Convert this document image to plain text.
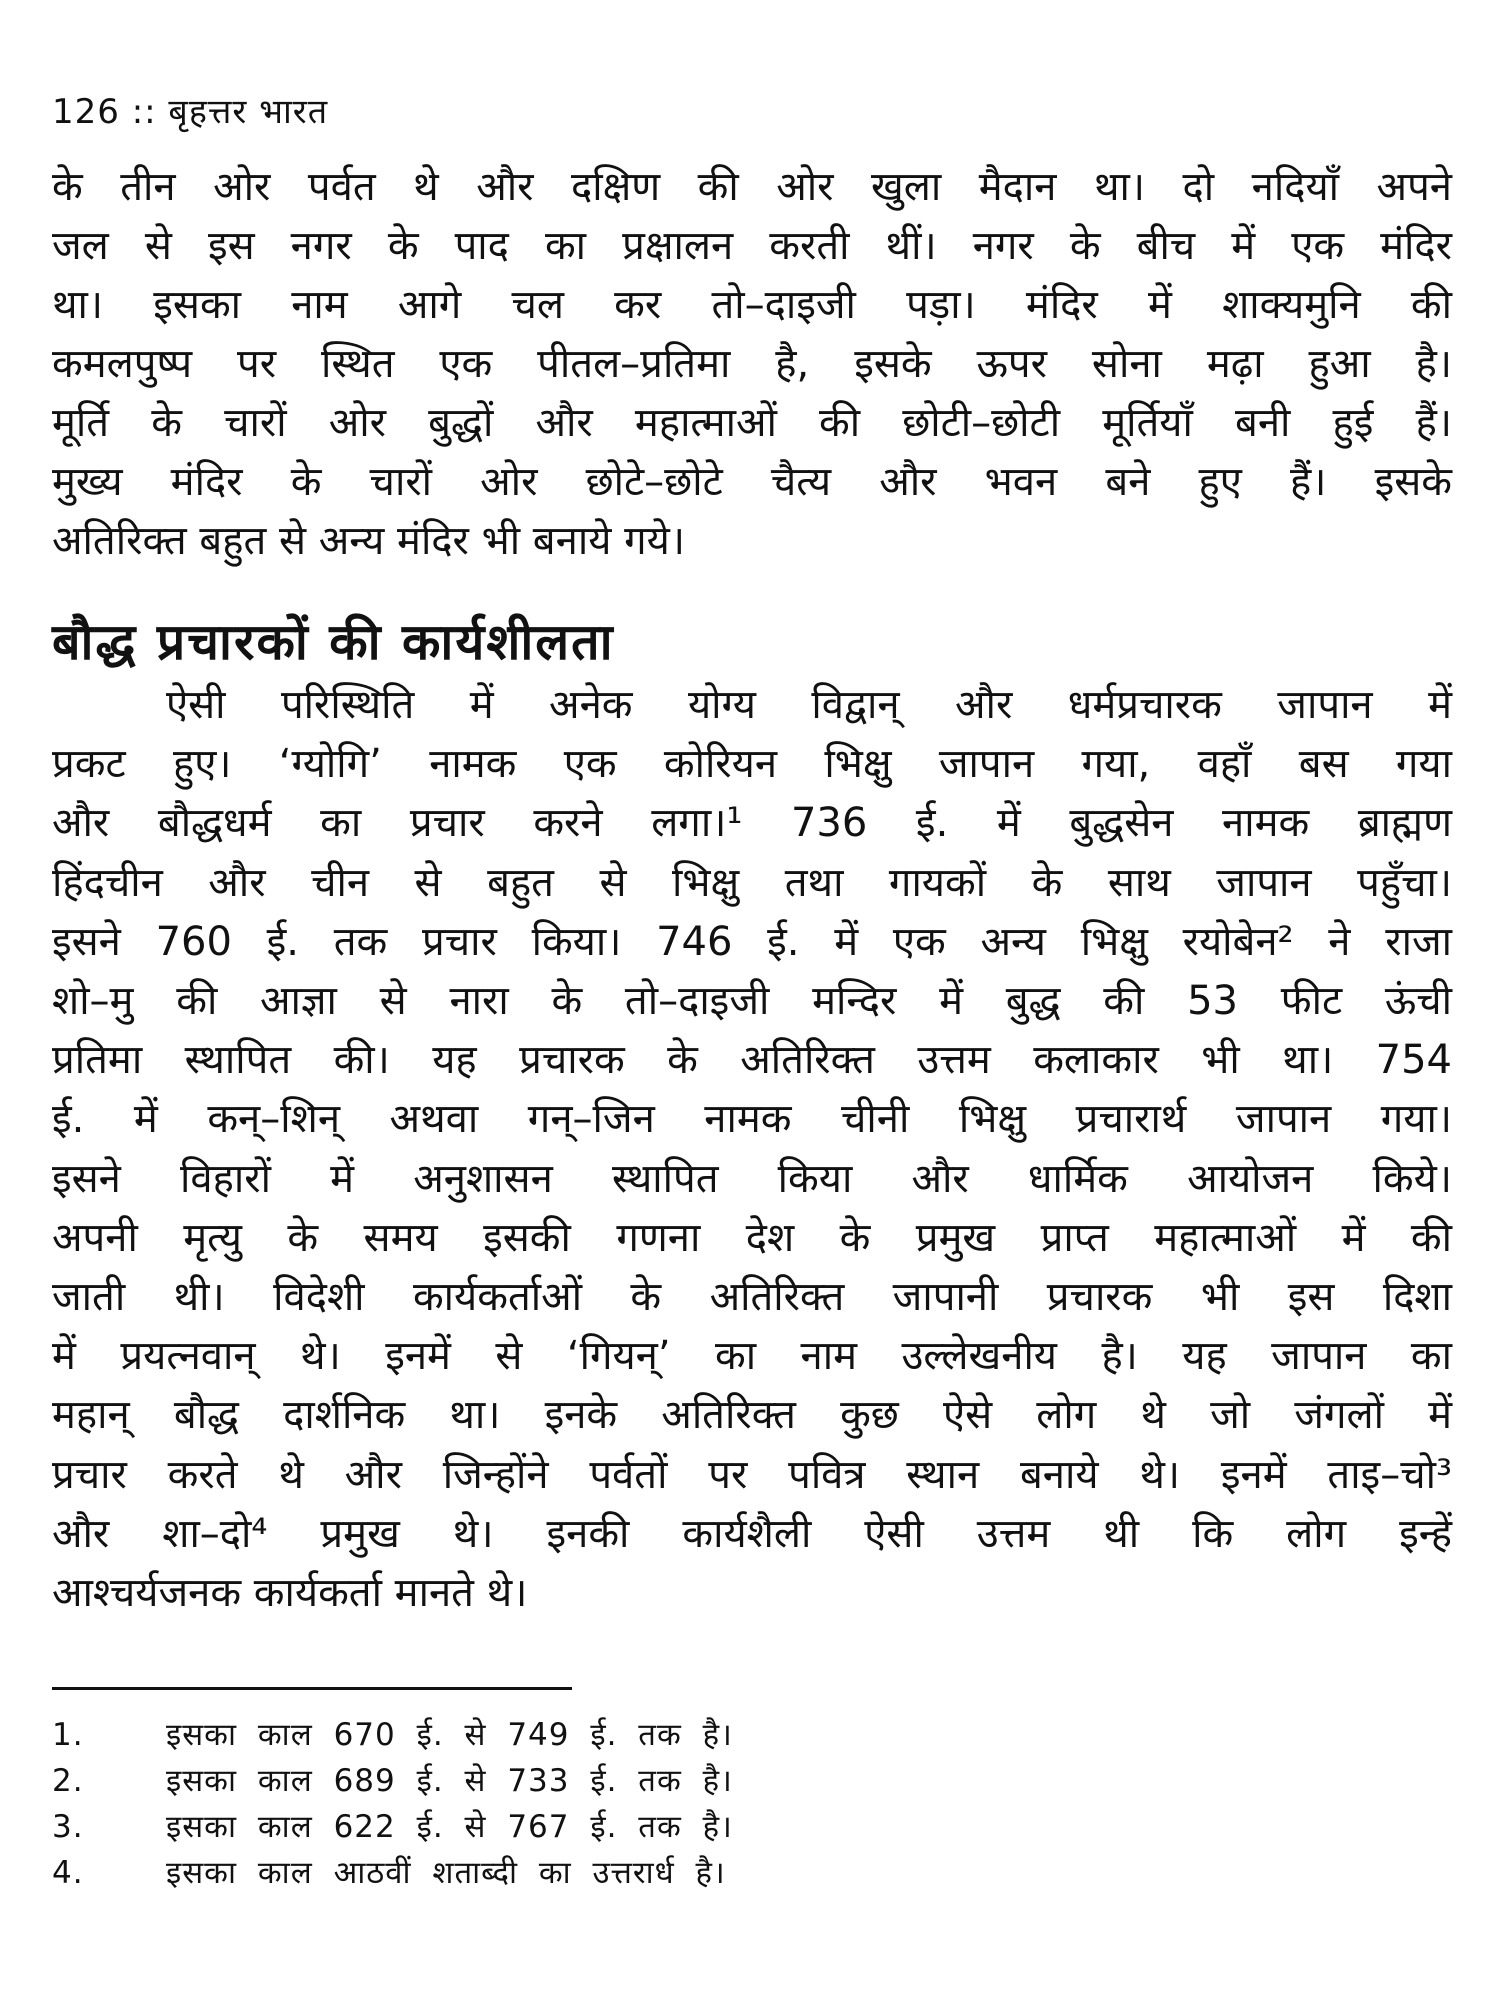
126 :: बृहत्तर भारत
के तीन ओर पर्वत थे और दक्षिण की ओर खुला मैदान था। दो नदियाँ अपने
जल से इस नगर के पाद का प्रक्षालन करती थीं। नगर के बीच में एक मंदिर
था। इसका नाम आगे चल कर तो–दाइजी पड़ा। मंदिर में शाक्यमुनि की
कमलपुष्प पर स्थित एक पीतल–प्रतिमा है, इसके ऊपर सोना मढ़ा हुआ है।
मूर्ति के चारों ओर बुद्धों और महात्माओं की छोटी–छोटी मूर्तियाँ बनी हुई हैं।
मुख्य मंदिर के चारों ओर छोटे–छोटे चैत्य और भवन बने हुए हैं। इसके
अतिरिक्त बहुत से अन्य मंदिर भी बनाये गये।
बौद्ध प्रचारकों की कार्यशीलता
ऐसी परिस्थिति में अनेक योग्य विद्वान् और धर्मप्रचारक जापान में
प्रकट हुए। ‘ग्योगि’ नामक एक कोरियन भिक्षु जापान गया, वहाँ बस गया
और बौद्धधर्म का प्रचार करने लगा।¹ 736 ई. में बुद्धसेन नामक ब्राह्मण
हिंदचीन और चीन से बहुत से भिक्षु तथा गायकों के साथ जापान पहुँचा।
इसने 760 ई. तक प्रचार किया। 746 ई. में एक अन्य भिक्षु रयोबेन² ने राजा
शो–मु की आज्ञा से नारा के तो–दाइजी मन्दिर में बुद्ध की 53 फीट ऊंची
प्रतिमा स्थापित की। यह प्रचारक के अतिरिक्त उत्तम कलाकार भी था। 754
ई. में कन्–शिन् अथवा गन्–जिन नामक चीनी भिक्षु प्रचारार्थ जापान गया।
इसने विहारों में अनुशासन स्थापित किया और धार्मिक आयोजन किये।
अपनी मृत्यु के समय इसकी गणना देश के प्रमुख प्राप्त महात्माओं में की
जाती थी। विदेशी कार्यकर्ताओं के अतिरिक्त जापानी प्रचारक भी इस दिशा
में प्रयत्नवान् थे। इनमें से ‘गियन्’ का नाम उल्लेखनीय है। यह जापान का
महान् बौद्ध दार्शनिक था। इनके अतिरिक्त कुछ ऐसे लोग थे जो जंगलों में
प्रचार करते थे और जिन्होंने पर्वतों पर पवित्र स्थान बनाये थे। इनमें ताइ–चो³
और शा–दो⁴ प्रमुख थे। इनकी कार्यशैली ऐसी उत्तम थी कि लोग इन्हें
आश्चर्यजनक कार्यकर्ता मानते थे।
1.	इसका काल 670 ई. से 749 ई. तक है।
2.	इसका काल 689 ई. से 733 ई. तक है।
3.	इसका काल 622 ई. से 767 ई. तक है।
4.	इसका काल आठवीं शताब्दी का उत्तरार्ध है।
